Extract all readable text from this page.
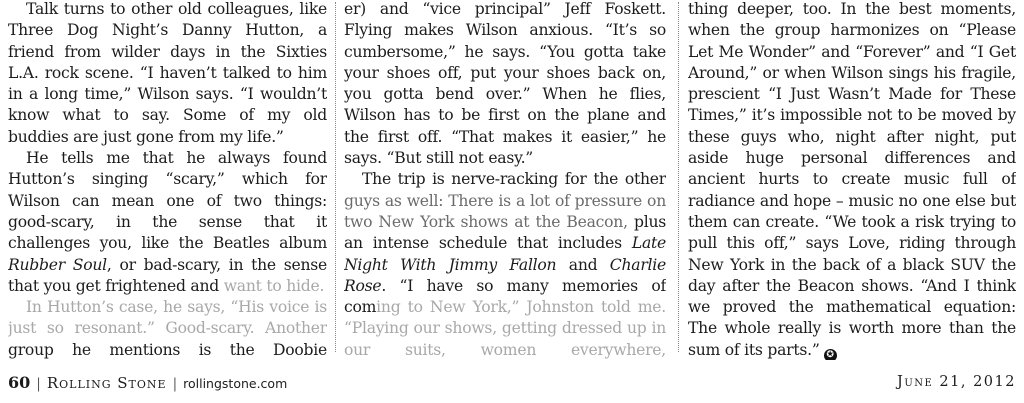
Talk turns to other old colleagues, like Three Dog Night’s Danny Hutton, a friend from wilder days in the Sixties L.A. rock scene. “I haven’t talked to him in a long time,” Wilson says. “I wouldn’t know what to say. Some of my old buddies are just gone from my life.”

He tells me that he always found Hutton’s singing “scary,” which for Wilson can mean one of two things: good-scary, in the sense that it challenges you, like the Beatles album Rubber Soul, or bad-scary, in the sense that you get frightened and want to hide.

In Hutton’s case, he says, “His voice is just so resonant.” Good-scary. Another group he mentions is the Doobie

er) and “vice principal” Jeff Foskett. Flying makes Wilson anxious. “It’s so cumbersome,” he says. “You gotta take your shoes off, put your shoes back on, you gotta bend over.” When he flies, Wilson has to be first on the plane and the first off. “That makes it easier,” he says. “But still not easy.”

The trip is nerve-racking for the other guys as well: There is a lot of pressure on two New York shows at the Beacon, plus an intense schedule that includes Late Night With Jimmy Fallon and Charlie Rose. “I have so many memories of coming to New York,” Johnston told me. “Playing our shows, getting dressed up in our suits, women everywhere,

thing deeper, too. In the best moments, when the group harmonizes on “Please Let Me Wonder” and “Forever” and “I Get Around,” or when Wilson sings his fragile, prescient “I Just Wasn’t Made for These Times,” it’s impossible not to be moved by these guys who, night after night, put aside huge personal differences and ancient hurts to create music full of radiance and hope – music no one else but them can create. “We took a risk trying to pull this off,” says Love, riding through New York in the back of a black SUV the day after the Beacon shows. “And I think we proved the mathematical equation: The whole really is worth more than the sum of its parts.” ✪

60 | Rolling Stone | rollingstone.com	June 21, 2012
